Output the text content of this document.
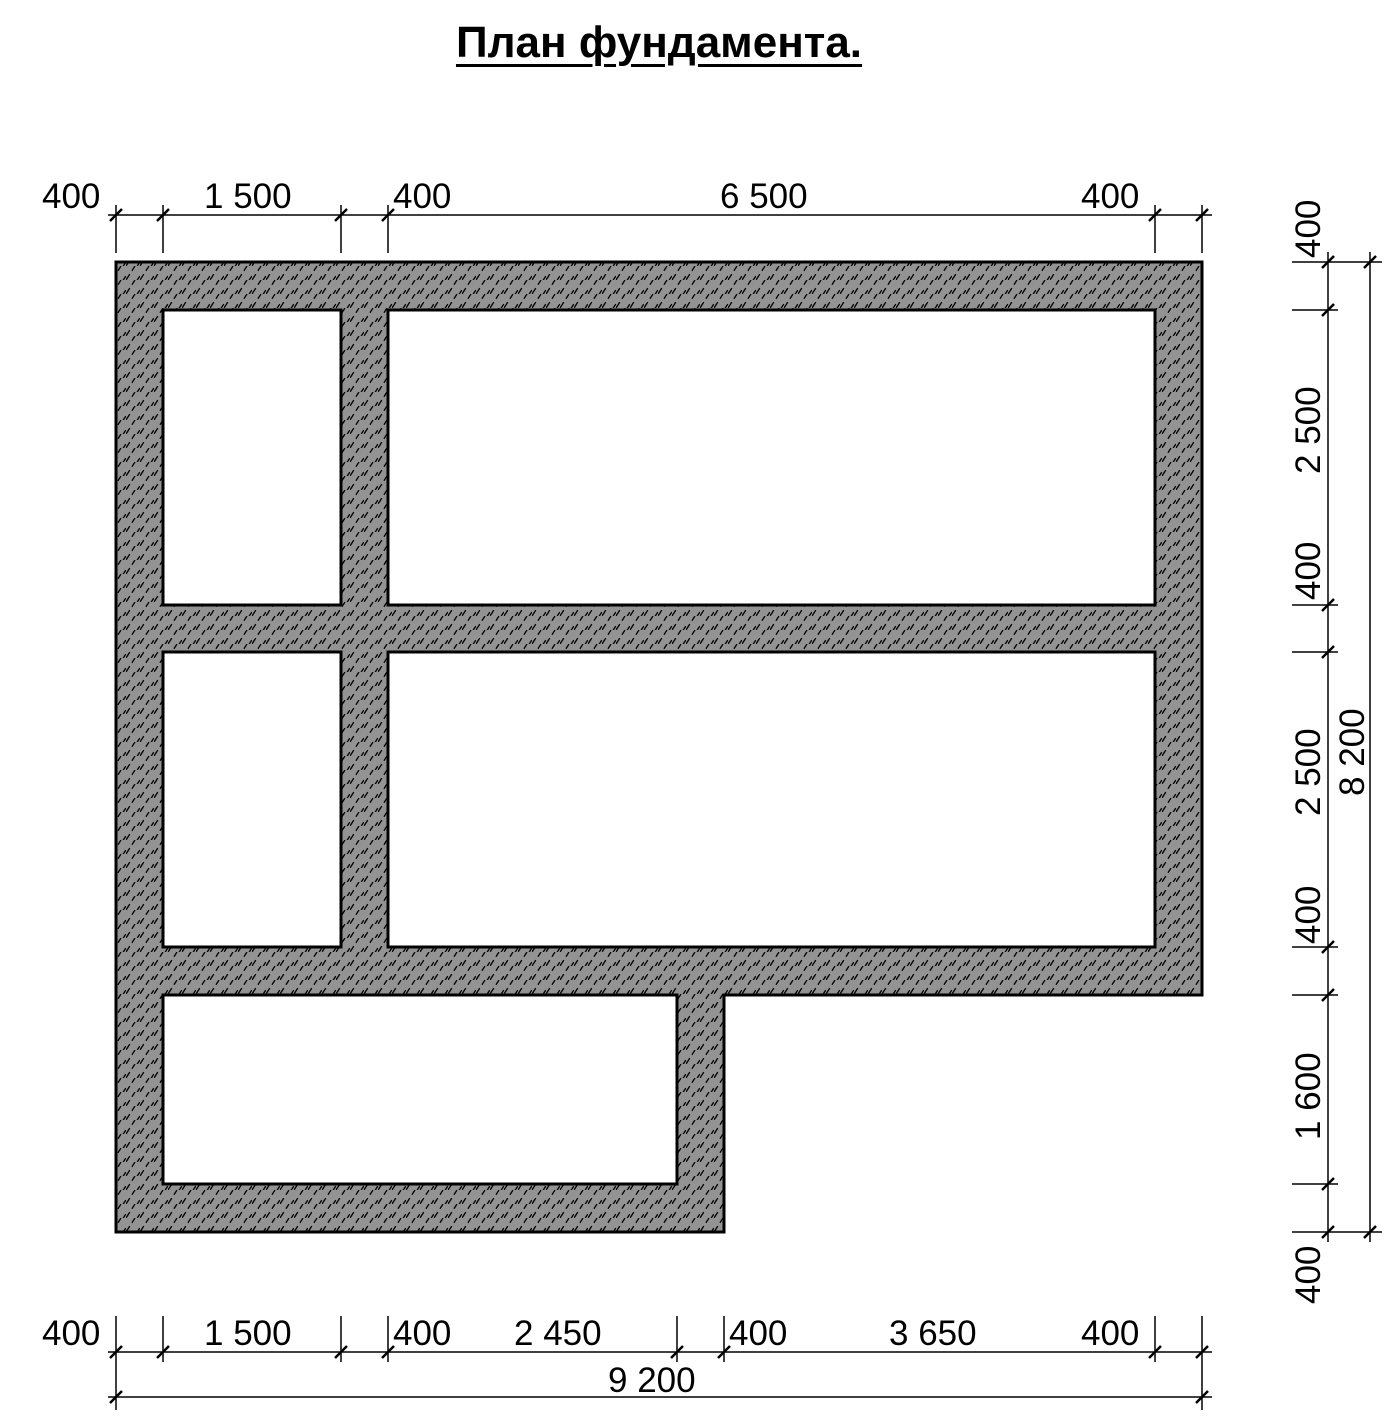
План фундамента.
400	1 500	400	6 500	400
400	1 500	400 2 450	400	3 650	400
9 200
400
2 500
400
2 500
400
1 600
400
8 200
